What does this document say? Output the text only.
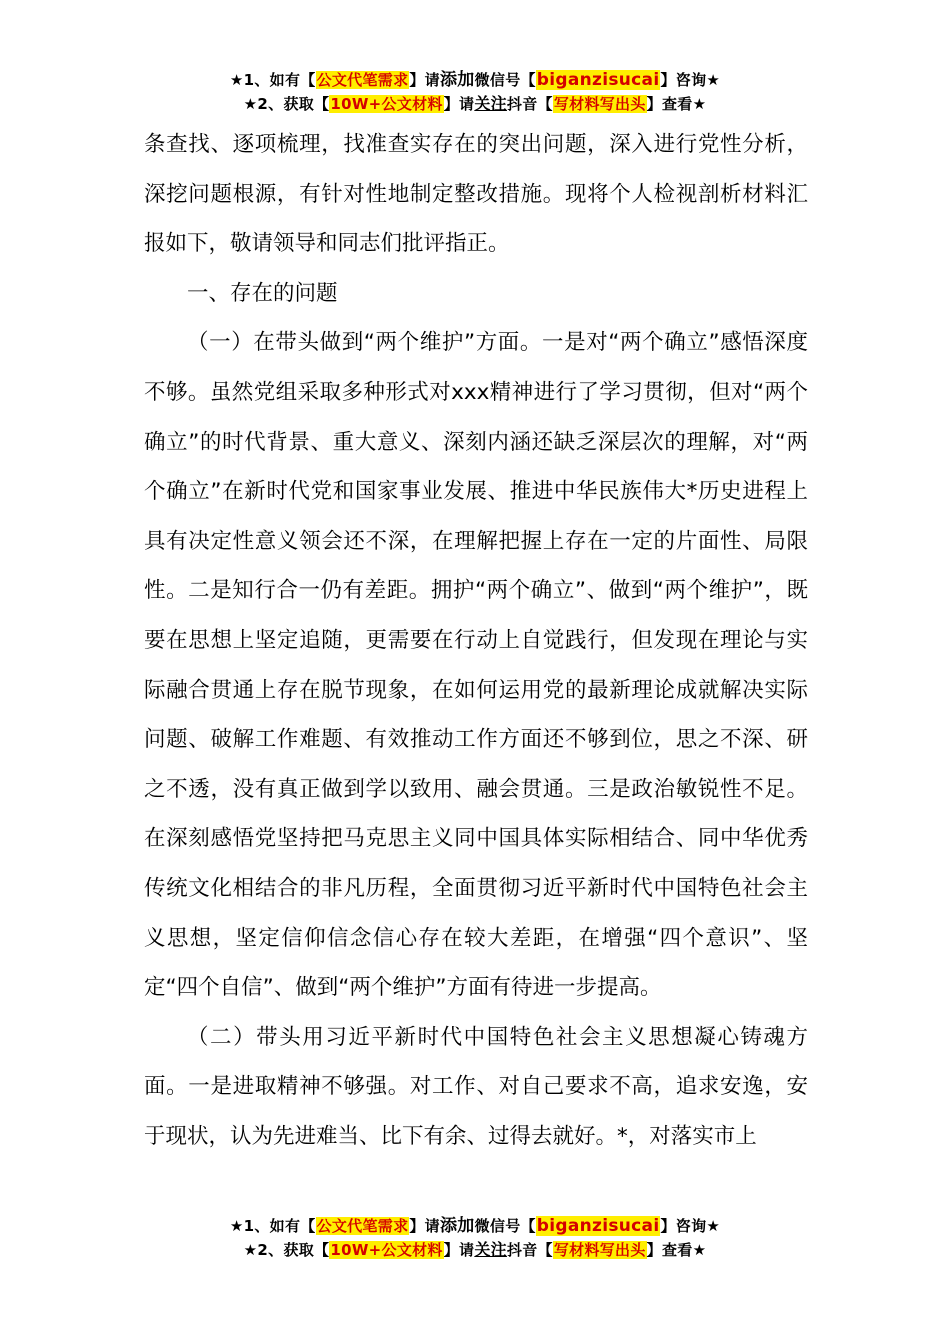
★1、如有【公文代笔需求】请添加微信号【biganzisucai】咨询★
★2、获取【10W+公文材料】请关注抖音【写材料写出头】查看★

条查找、逐项梳理，找准查实存在的突出问题，深入进行党性分析，深挖问题根源，有针对性地制定整改措施。现将个人检视剖析材料汇报如下，敬请领导和同志们批评指正。

一、存在的问题

（一）在带头做到“两个维护”方面。一是对“两个确立”感悟深度不够。虽然党组采取多种形式对xxx精神进行了学习贯彻，但对“两个确立”的时代背景、重大意义、深刻内涵还缺乏深层次的理解，对“两个确立”在新时代党和国家事业发展、推进中华民族伟大*历史进程上具有决定性意义领会还不深，在理解把握上存在一定的片面性、局限性。二是知行合一仍有差距。拥护“两个确立”、做到“两个维护”，既要在思想上坚定追随，更需要在行动上自觉践行，但发现在理论与实际融合贯通上存在脱节现象，在如何运用党的最新理论成就解决实际问题、破解工作难题、有效推动工作方面还不够到位，思之不深、研之不透，没有真正做到学以致用、融会贯通。三是政治敏锐性不足。在深刻感悟党坚持把马克思主义同中国具体实际相结合、同中华优秀传统文化相结合的非凡历程，全面贯彻习近平新时代中国特色社会主义思想，坚定信仰信念信心存在较大差距，在增强“四个意识”、坚定“四个自信”、做到“两个维护”方面有待进一步提高。

（二）带头用习近平新时代中国特色社会主义思想凝心铸魂方面。一是进取精神不够强。对工作、对自己要求不高，追求安逸，安于现状，认为先进难当、比下有余、过得去就好。*，对落实市上

★1、如有【公文代笔需求】请添加微信号【biganzisucai】咨询★
★2、获取【10W+公文材料】请关注抖音【写材料写出头】查看★
